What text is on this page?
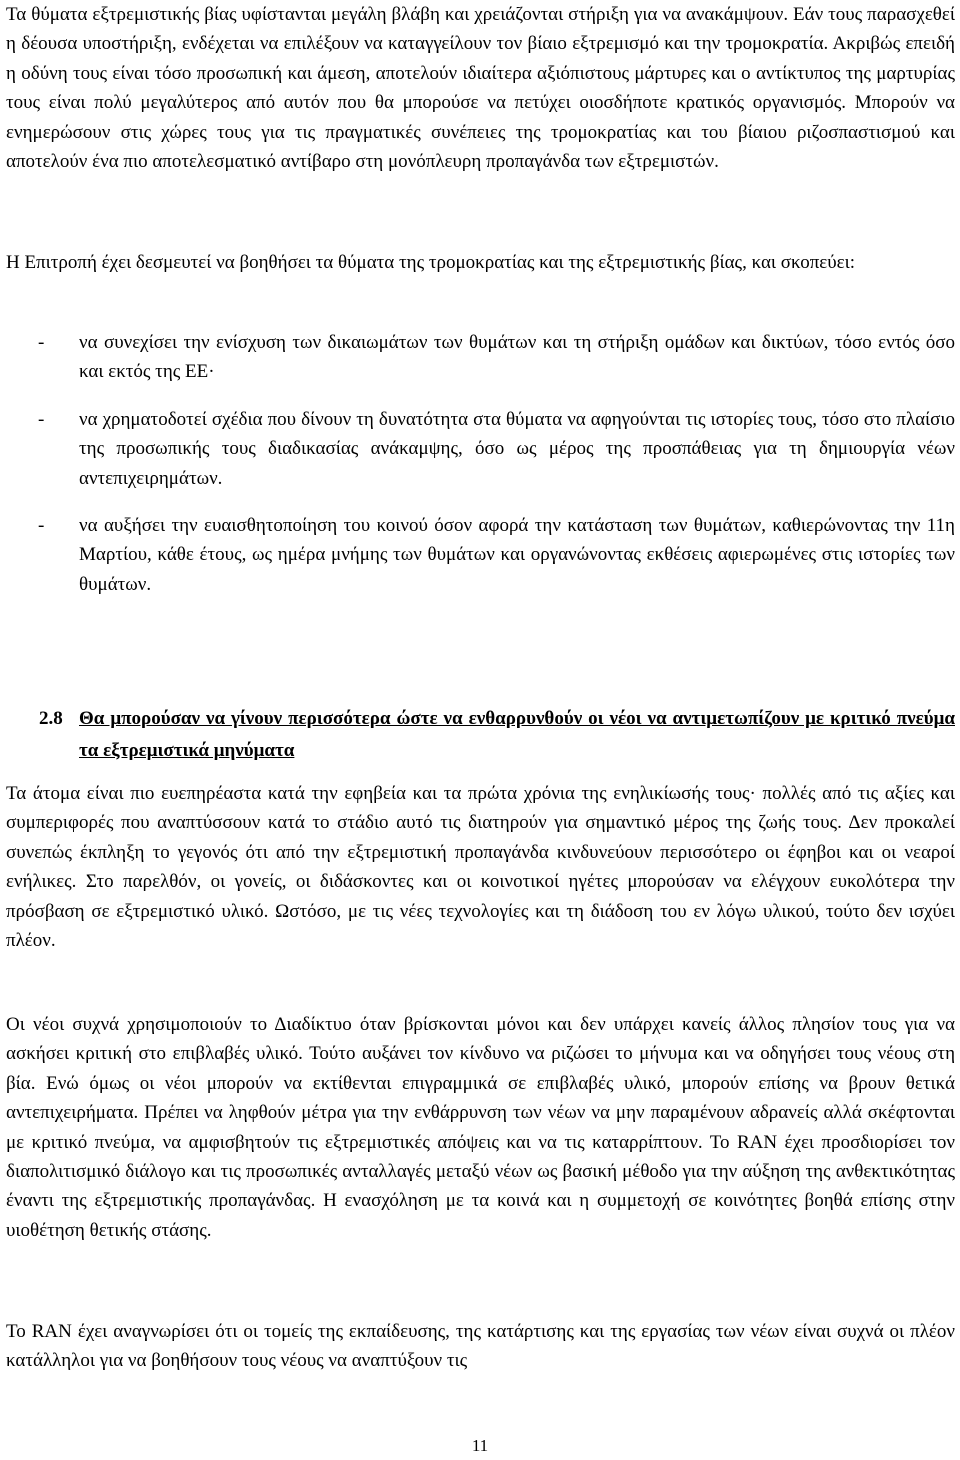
Τα θύματα εξτρεμιστικής βίας υφίστανται μεγάλη βλάβη και χρειάζονται στήριξη για να ανακάμψουν. Εάν τους παρασχεθεί η δέουσα υποστήριξη, ενδέχεται να επιλέξουν να καταγγείλουν τον βίαιο εξτρεμισμό και την τρομοκρατία. Ακριβώς επειδή η οδύνη τους είναι τόσο προσωπική και άμεση, αποτελούν ιδιαίτερα αξιόπιστους μάρτυρες και ο αντίκτυπος της μαρτυρίας τους είναι πολύ μεγαλύτερος από αυτόν που θα μπορούσε να πετύχει οιοσδήποτε κρατικός οργανισμός. Μπορούν να ενημερώσουν στις χώρες τους για τις πραγματικές συνέπειες της τρομοκρατίας και του βίαιου ριζοσπαστισμού και αποτελούν ένα πιο αποτελεσματικό αντίβαρο στη μονόπλευρη προπαγάνδα των εξτρεμιστών.

Η Επιτροπή έχει δεσμευτεί να βοηθήσει τα θύματα της τρομοκρατίας και της εξτρεμιστικής βίας, και σκοπεύει:

- να συνεχίσει την ενίσχυση των δικαιωμάτων των θυμάτων και τη στήριξη ομάδων και δικτύων, τόσο εντός όσο και εκτός της ΕΕ·

- να χρηματοδοτεί σχέδια που δίνουν τη δυνατότητα στα θύματα να αφηγούνται τις ιστορίες τους, τόσο στο πλαίσιο της προσωπικής τους διαδικασίας ανάκαμψης, όσο ως μέρος της προσπάθειας για τη δημιουργία νέων αντεπιχειρημάτων.

- να αυξήσει την ευαισθητοποίηση του κοινού όσον αφορά την κατάσταση των θυμάτων, καθιερώνοντας την 11η Μαρτίου, κάθε έτους, ως ημέρα μνήμης των θυμάτων και οργανώνοντας εκθέσεις αφιερωμένες στις ιστορίες των θυμάτων.

2.8 Θα μπορούσαν να γίνουν περισσότερα ώστε να ενθαρρυνθούν οι νέοι να αντιμετωπίζουν με κριτικό πνεύμα τα εξτρεμιστικά μηνύματα

Τα άτομα είναι πιο ευεπηρέαστα κατά την εφηβεία και τα πρώτα χρόνια της ενηλικίωσής τους· πολλές από τις αξίες και συμπεριφορές που αναπτύσσουν κατά το στάδιο αυτό τις διατηρούν για σημαντικό μέρος της ζωής τους. Δεν προκαλεί συνεπώς έκπληξη το γεγονός ότι από την εξτρεμιστική προπαγάνδα κινδυνεύουν περισσότερο οι έφηβοι και οι νεαροί ενήλικες. Στο παρελθόν, οι γονείς, οι διδάσκοντες και οι κοινοτικοί ηγέτες μπορούσαν να ελέγχουν ευκολότερα την πρόσβαση σε εξτρεμιστικό υλικό. Ωστόσο, με τις νέες τεχνολογίες και τη διάδοση του εν λόγω υλικού, τούτο δεν ισχύει πλέον.

Οι νέοι συχνά χρησιμοποιούν το Διαδίκτυο όταν βρίσκονται μόνοι και δεν υπάρχει κανείς άλλος πλησίον τους για να ασκήσει κριτική στο επιβλαβές υλικό. Τούτο αυξάνει τον κίνδυνο να ριζώσει το μήνυμα και να οδηγήσει τους νέους στη βία. Ενώ όμως οι νέοι μπορούν να εκτίθενται επιγραμμικά σε επιβλαβές υλικό, μπορούν επίσης να βρουν θετικά αντεπιχειρήματα. Πρέπει να ληφθούν μέτρα για την ενθάρρυνση των νέων να μην παραμένουν αδρανείς αλλά σκέφτονται με κριτικό πνεύμα, να αμφισβητούν τις εξτρεμιστικές απόψεις και να τις καταρρίπτουν. Το RAN έχει προσδιορίσει τον διαπολιτισμικό διάλογο και τις προσωπικές ανταλλαγές μεταξύ νέων ως βασική μέθοδο για την αύξηση της ανθεκτικότητας έναντι της εξτρεμιστικής προπαγάνδας. Η ενασχόληση με τα κοινά και η συμμετοχή σε κοινότητες βοηθά επίσης στην υιοθέτηση θετικής στάσης.

Το RAN έχει αναγνωρίσει ότι οι τομείς της εκπαίδευσης, της κατάρτισης και της εργασίας των νέων είναι συχνά οι πλέον κατάλληλοι για να βοηθήσουν τους νέους να αναπτύξουν τις

11
